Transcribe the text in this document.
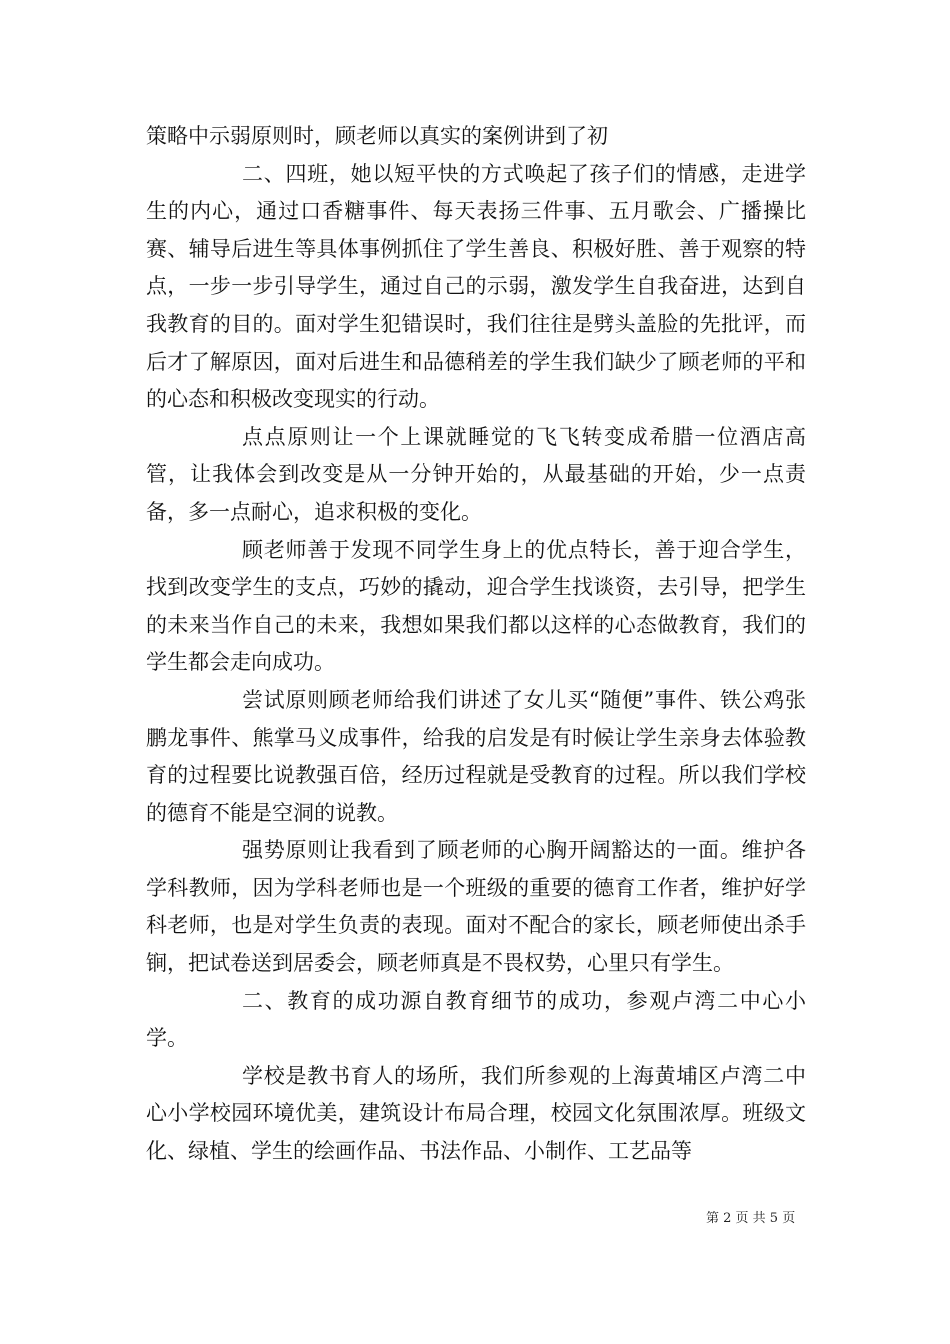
策略中示弱原则时，顾老师以真实的案例讲到了初

二、四班，她以短平快的方式唤起了孩子们的情感，走进学生的内心，通过口香糖事件、每天表扬三件事、五月歌会、广播操比赛、辅导后进生等具体事例抓住了学生善良、积极好胜、善于观察的特点，一步一步引导学生，通过自己的示弱，激发学生自我奋进，达到自我教育的目的。面对学生犯错误时，我们往往是劈头盖脸的先批评，而后才了解原因，面对后进生和品德稍差的学生我们缺少了顾老师的平和的心态和积极改变现实的行动。

点点原则让一个上课就睡觉的飞飞转变成希腊一位酒店高管，让我体会到改变是从一分钟开始的，从最基础的开始，少一点责备，多一点耐心，追求积极的变化。

顾老师善于发现不同学生身上的优点特长，善于迎合学生，找到改变学生的支点，巧妙的撬动，迎合学生找谈资，去引导，把学生的未来当作自己的未来，我想如果我们都以这样的心态做教育，我们的学生都会走向成功。

尝试原则顾老师给我们讲述了女儿买“随便”事件、铁公鸡张鹏龙事件、熊掌马义成事件，给我的启发是有时候让学生亲身去体验教育的过程要比说教强百倍，经历过程就是受教育的过程。所以我们学校的德育不能是空洞的说教。

强势原则让我看到了顾老师的心胸开阔豁达的一面。维护各学科教师，因为学科老师也是一个班级的重要的德育工作者，维护好学科老师，也是对学生负责的表现。面对不配合的家长，顾老师使出杀手锏，把试卷送到居委会，顾老师真是不畏权势，心里只有学生。

二、教育的成功源自教育细节的成功，参观卢湾二中心小学。

学校是教书育人的场所，我们所参观的上海黄埔区卢湾二中心小学校园环境优美，建筑设计布局合理，校园文化氛围浓厚。班级文化、绿植、学生的绘画作品、书法作品、小制作、工艺品等

第 2 页 共 5 页
